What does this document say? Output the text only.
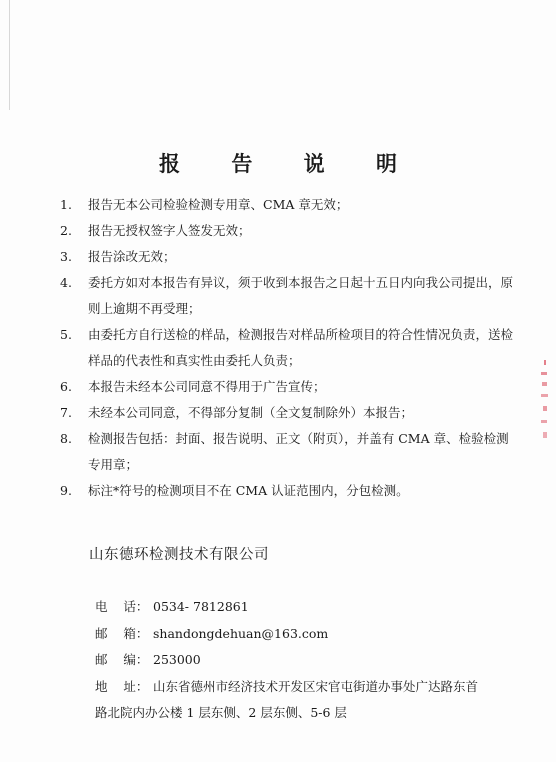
报 告 说 明
1.	报告无本公司检验检测专用章、CMA 章无效；
2.	报告无授权签字人签发无效；
3.	报告涂改无效；
4.	委托方如对本报告有异议，须于收到本报告之日起十五日内向我公司提出，原则上逾期不再受理；
5.	由委托方自行送检的样品，检测报告对样品所检项目的符合性情况负责，送检样品的代表性和真实性由委托人负责；
6.	本报告未经本公司同意不得用于广告宣传；
7.	未经本公司同意，不得部分复制（全文复制除外）本报告；
8.	检测报告包括：封面、报告说明、正文（附页），并盖有 CMA 章、检验检测专用章；
9.	标注*符号的检测项目不在 CMA 认证范围内，分包检测。
山东德环检测技术有限公司
电    话： 0534- 7812861
邮    箱： shandongdehuan@163.com
邮    编： 253000
地    址： 山东省德州市经济技术开发区宋官屯街道办事处广达路东首
路北院内办公楼 1 层东侧、2 层东侧、5-6 层
